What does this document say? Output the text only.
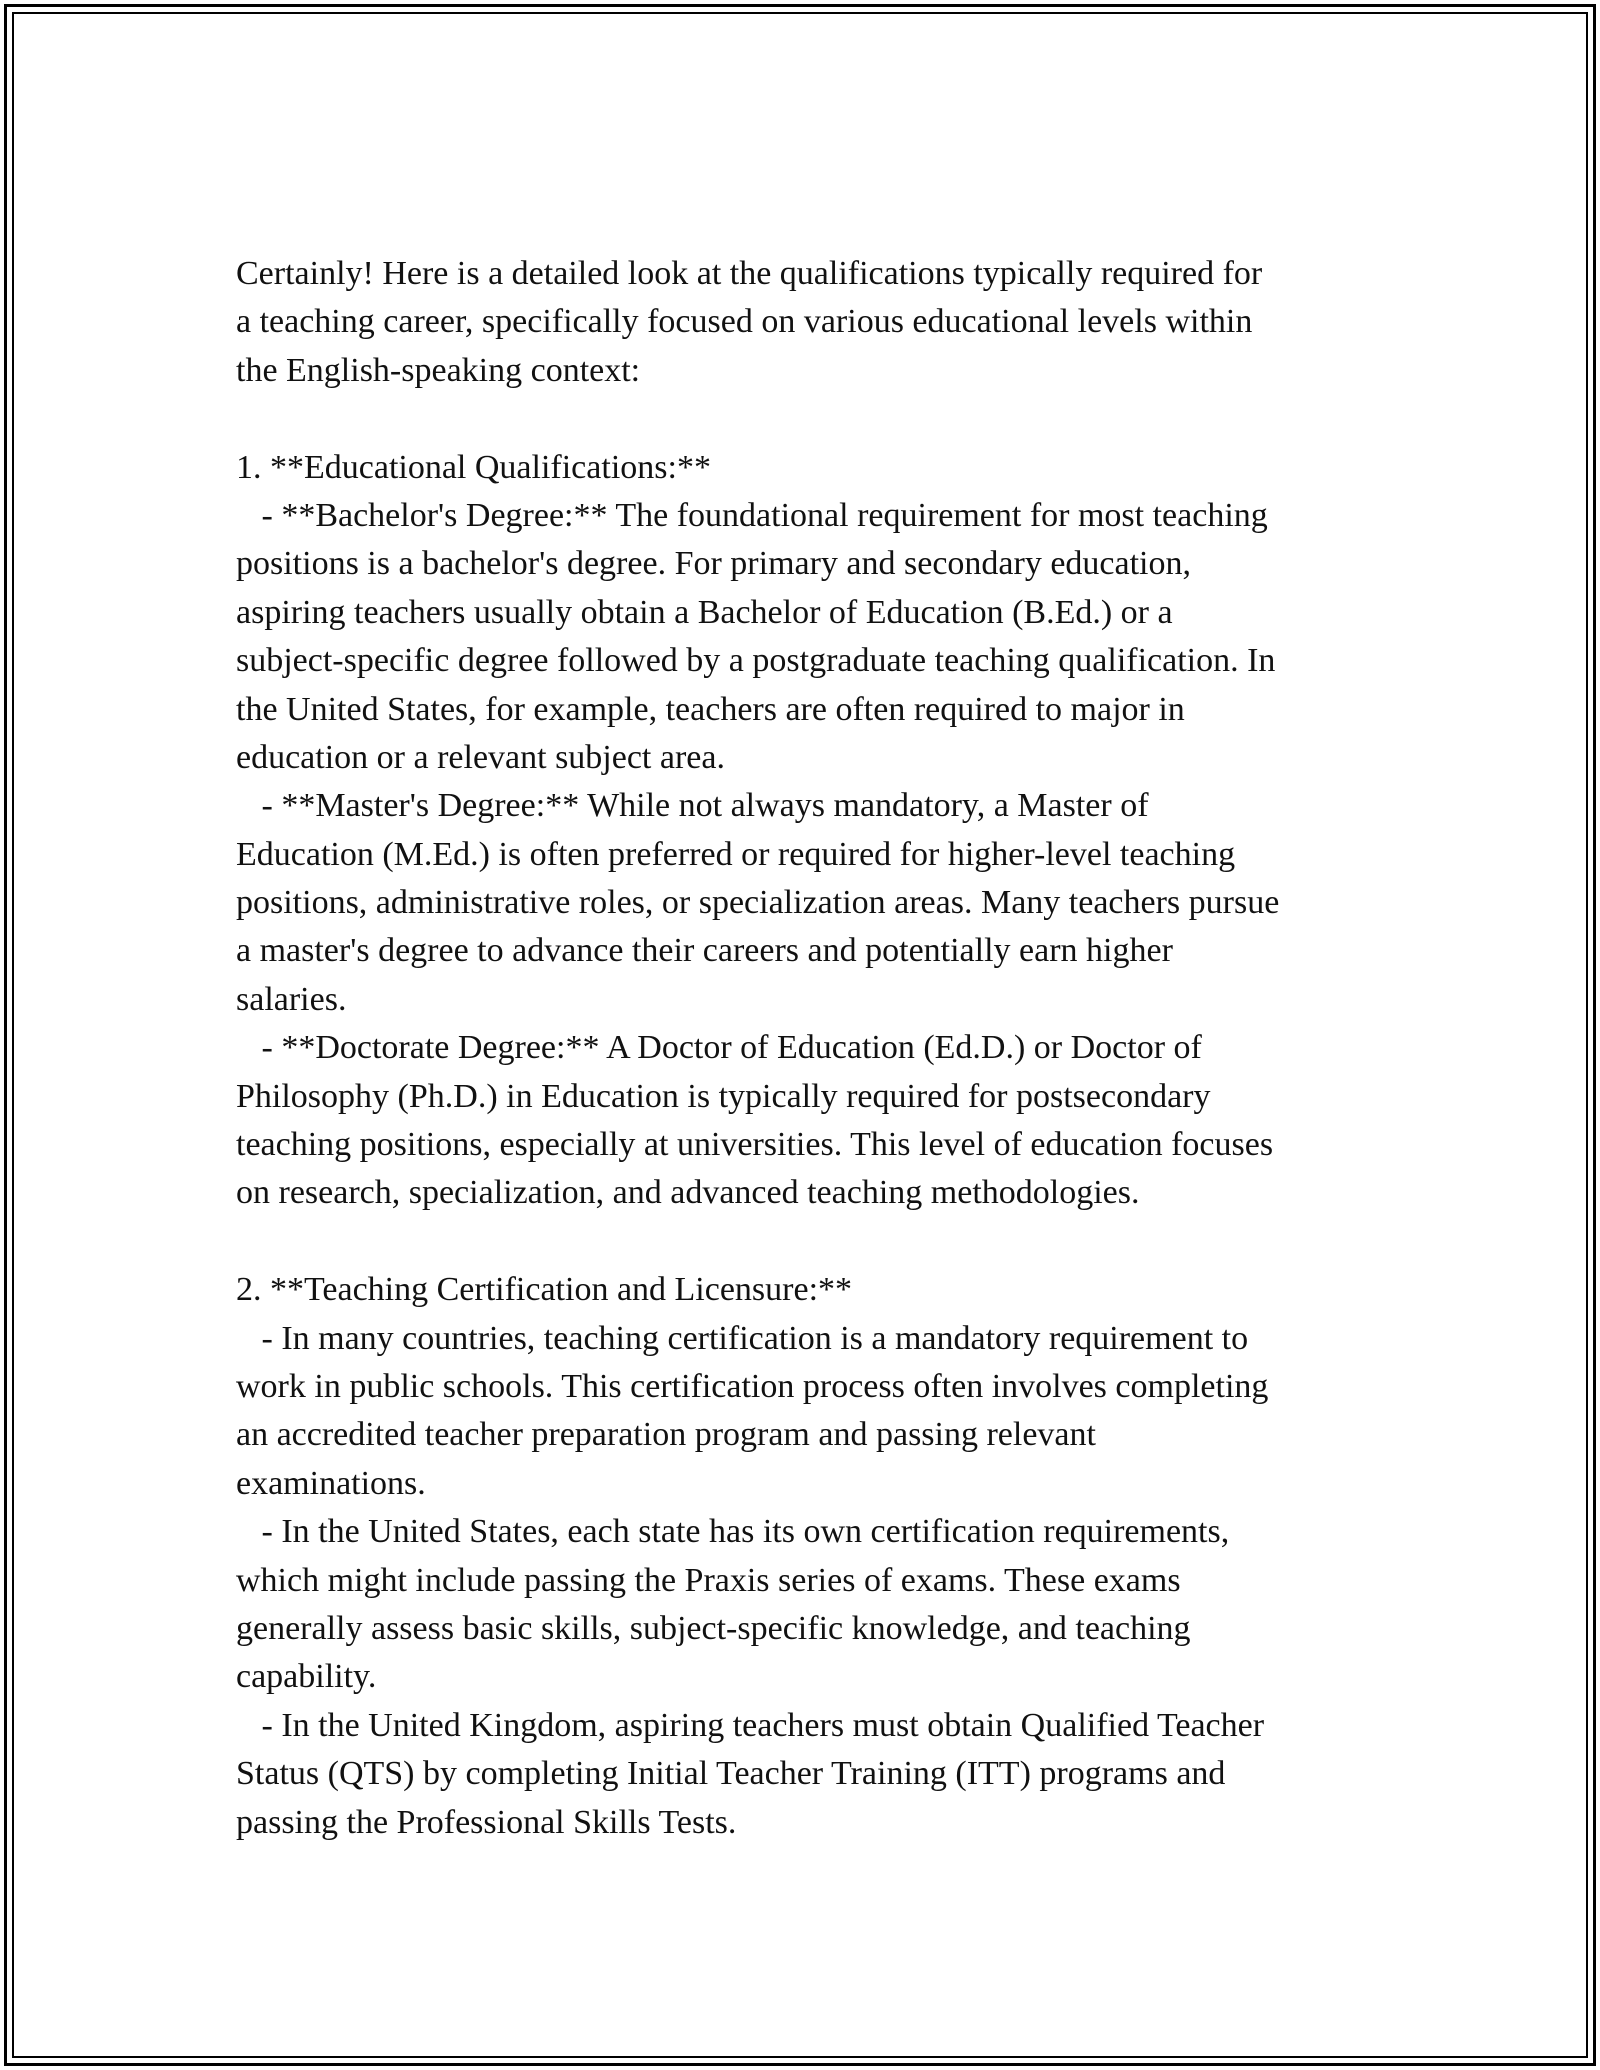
Certainly! Here is a detailed look at the qualifications typically required for
a teaching career, specifically focused on various educational levels within
the English-speaking context:
1. **Educational Qualifications:**
- **Bachelor's Degree:** The foundational requirement for most teaching
positions is a bachelor's degree. For primary and secondary education,
aspiring teachers usually obtain a Bachelor of Education (B.Ed.) or a
subject-specific degree followed by a postgraduate teaching qualification. In
the United States, for example, teachers are often required to major in
education or a relevant subject area.
- **Master's Degree:** While not always mandatory, a Master of
Education (M.Ed.) is often preferred or required for higher-level teaching
positions, administrative roles, or specialization areas. Many teachers pursue
a master's degree to advance their careers and potentially earn higher
salaries.
- **Doctorate Degree:** A Doctor of Education (Ed.D.) or Doctor of
Philosophy (Ph.D.) in Education is typically required for postsecondary
teaching positions, especially at universities. This level of education focuses
on research, specialization, and advanced teaching methodologies.
2. **Teaching Certification and Licensure:**
- In many countries, teaching certification is a mandatory requirement to
work in public schools. This certification process often involves completing
an accredited teacher preparation program and passing relevant
examinations.
- In the United States, each state has its own certification requirements,
which might include passing the Praxis series of exams. These exams
generally assess basic skills, subject-specific knowledge, and teaching
capability.
- In the United Kingdom, aspiring teachers must obtain Qualified Teacher
Status (QTS) by completing Initial Teacher Training (ITT) programs and
passing the Professional Skills Tests.
